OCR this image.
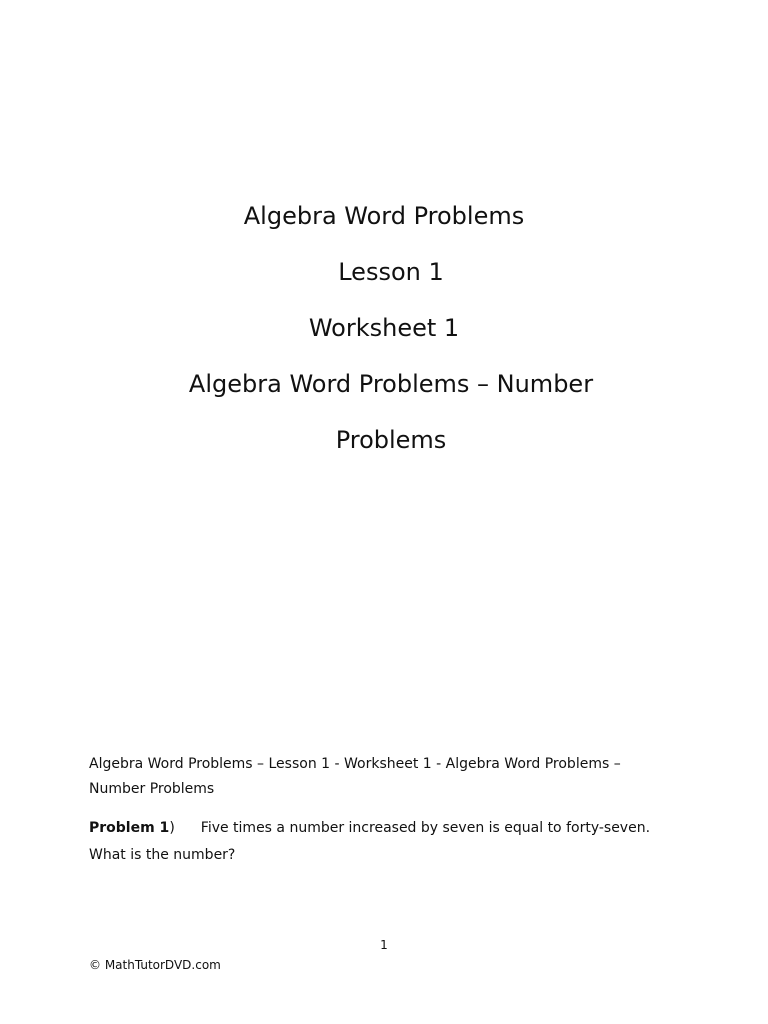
Algebra Word Problems
Lesson 1
Worksheet 1
Algebra Word Problems – Number
Problems
Algebra Word Problems – Lesson 1 - Worksheet 1 - Algebra Word Problems –
Number Problems
Problem 1) Five times a number increased by seven is equal to forty-seven.
What is the number?
1
© MathTutorDVD.com
